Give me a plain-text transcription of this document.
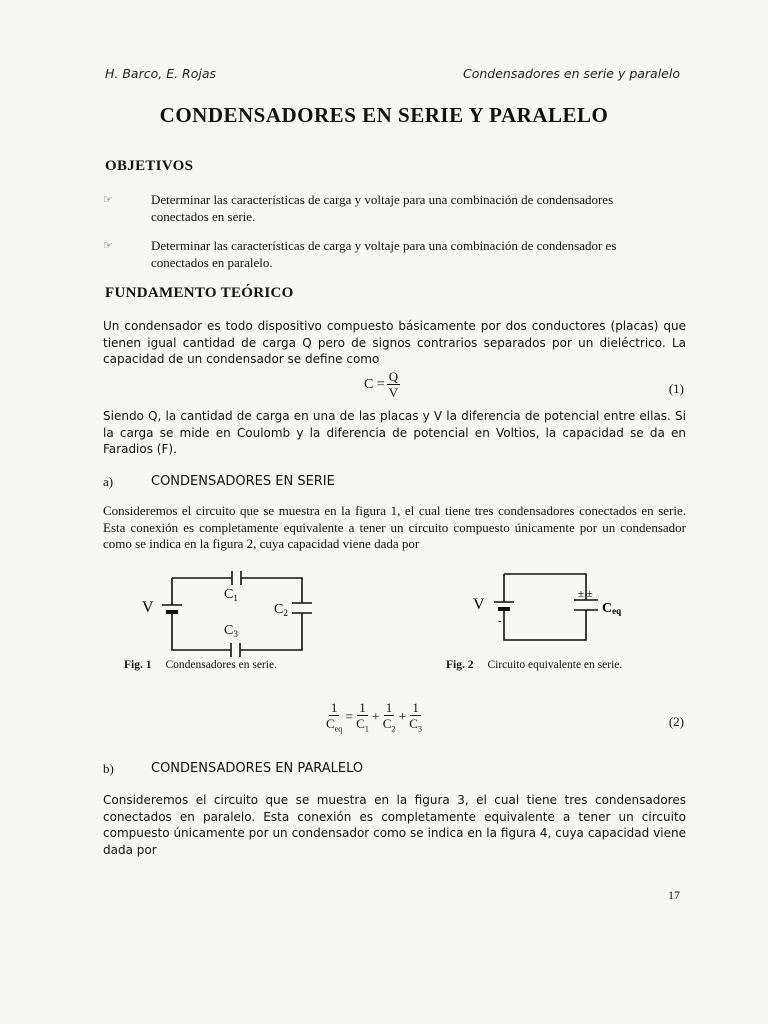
H. Barco, E. Rojas	Condensadores en serie y paralelo
CONDENSADORES EN SERIE Y PARALELO
OBJETIVOS
☞	Determinar las características de carga y voltaje para una combinación de condensadores
conectados en serie.
☞	Determinar las características de carga y voltaje para una combinación de condensador es
conectados en paralelo.
FUNDAMENTO TEÓRICO
Un condensador es todo dispositivo compuesto básicamente por dos conductores (placas) que tienen igual cantidad de carga Q pero de signos contrarios separados por un dieléctrico. La capacidad de un condensador se define como
$C = \frac{Q}{V}$	(1)
Siendo Q, la cantidad de carga en una de las placas y V la diferencia de potencial entre ellas. Si la carga se mide en Coulomb y la diferencia de potencial en Voltios, la capacidad se da en Faradios (F).
a)	CONDENSADORES EN SERIE
Consideremos el circuito que se muestra en la figura 1, el cual tiene tres condensadores conectados en serie. Esta conexión es completamente equivalente a tener un circuito compuesto únicamente por un condensador como se indica en la figura 2, cuya capacidad viene dada por
V
$C_1$
$C_2$
$C_3$
Fig. 1 Condensadores en serie.
± ±
-
V	Ceq
Fig. 2 Circuito equivalente en serie.
$\frac{1}{C_{eq}} = \frac{1}{C_1} + \frac{1}{C_2} + \frac{1}{C_3}$	(2)
b)	CONDENSADORES EN PARALELO
Consideremos el circuito que se muestra en la figura 3, el cual tiene tres condensadores conectados en paralelo. Esta conexión es completamente equivalente a tener un circuito compuesto únicamente por un condensador como se indica en la figura 4, cuya capacidad viene dada por
17
